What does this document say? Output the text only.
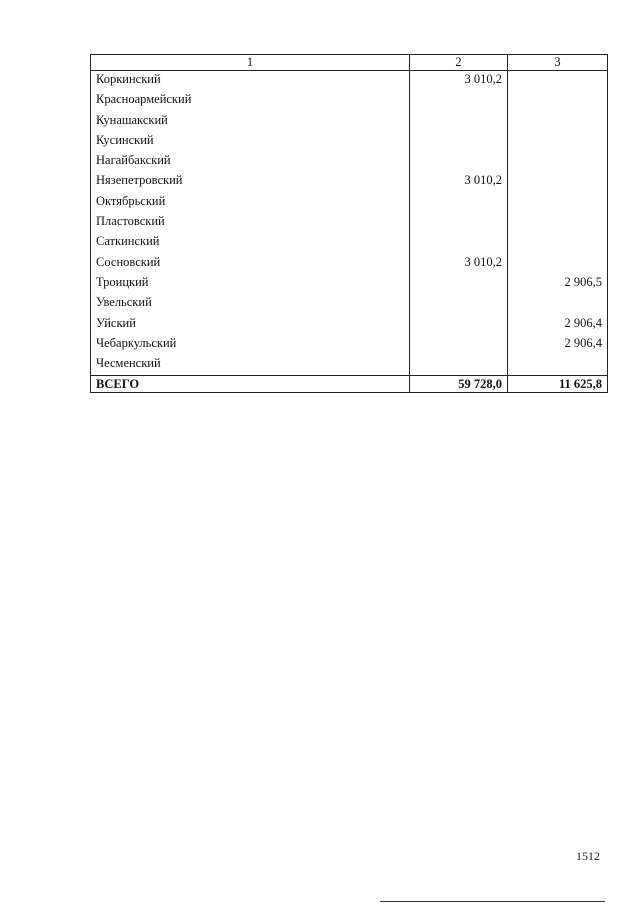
1	2	3
Коркинский	3 010,2	
Красноармейский		
Кунашакский		
Кусинский		
Нагайбакский		
Нязепетровский	3 010,2	
Октябрьский		
Пластовский		
Саткинский		
Сосновский	3 010,2	
Троицкий		2 906,5
Увельский		
Уйский		2 906,4
Чебаркульский		2 906,4
Чесменский		
ВСЕГО	59 728,0	11 625,8
1512
